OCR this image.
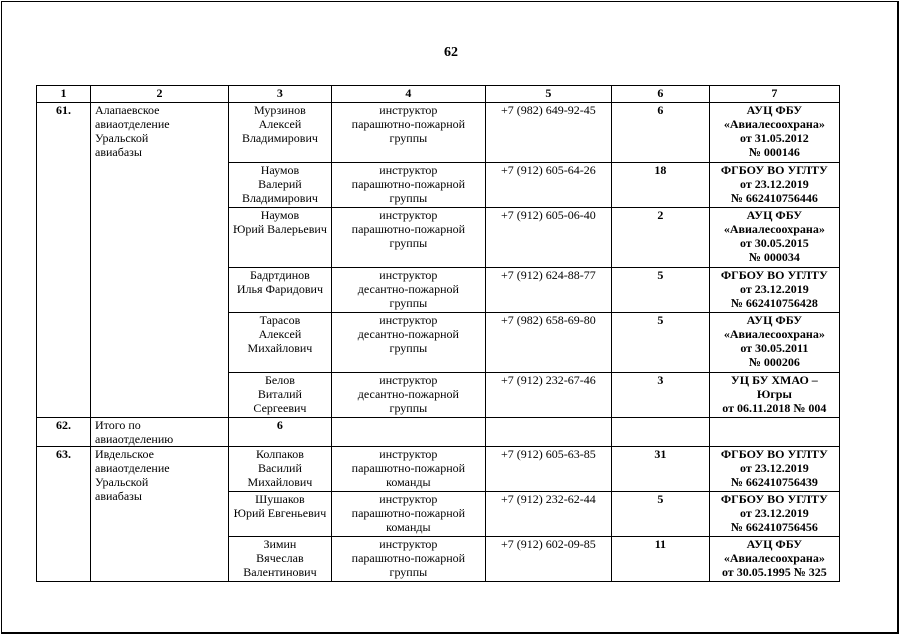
62
1	2	3	4	5	6	7
61.	Алапаевское
авиаотделение
Уральской
авиабазы	Мурзинов
Алексей
Владимирович	инструктор
парашютно-пожарной
группы	+7 (982) 649-92-45	6	АУЦ ФБУ
«Авиалесоохрана»
от 31.05.2012
№ 000146

		Наумов
Валерий
Владимирович	инструктор
парашютно-пожарной
группы	+7 (912) 605-64-26	18	ФГБОУ ВО УГЛТУ
от 23.12.2019
№ 662410756446

		Наумов
Юрий Валерьевич	инструктор
парашютно-пожарной
группы	+7 (912) 605-06-40	2	АУЦ ФБУ
«Авиалесоохрана»
от 30.05.2015
№ 000034

		Бадртдинов
Илья Фаридович	инструктор
десантно-пожарной
группы	+7 (912) 624-88-77	5	ФГБОУ ВО УГЛТУ
от 23.12.2019
№ 662410756428

		Тарасов
Алексей
Михайлович	инструктор
десантно-пожарной
группы	+7 (982) 658-69-80	5	АУЦ ФБУ
«Авиалесоохрана»
от 30.05.2011
№ 000206

		Белов
Виталий
Сергеевич	инструктор
десантно-пожарной
группы	+7 (912) 232-67-46	3	УЦ БУ ХМАО –
Югры
от 06.11.2018 № 004

62.	Итого по
авиаотделению	6				
63.	Ивдельское
авиаотделение
Уральской
авиабазы	Колпаков
Василий
Михайлович	инструктор
парашютно-пожарной
команды	+7 (912) 605-63-85	31	ФГБОУ ВО УГЛТУ
от 23.12.2019
№ 662410756439

		Шушаков
Юрий Евгеньевич	инструктор
парашютно-пожарной
команды	+7 (912) 232-62-44	5	ФГБОУ ВО УГЛТУ
от 23.12.2019
№ 662410756456

		Зимин
Вячеслав
Валентинович	инструктор
парашютно-пожарной
группы	+7 (912) 602-09-85	11	АУЦ ФБУ
«Авиалесоохрана»
от 30.05.1995 № 325
